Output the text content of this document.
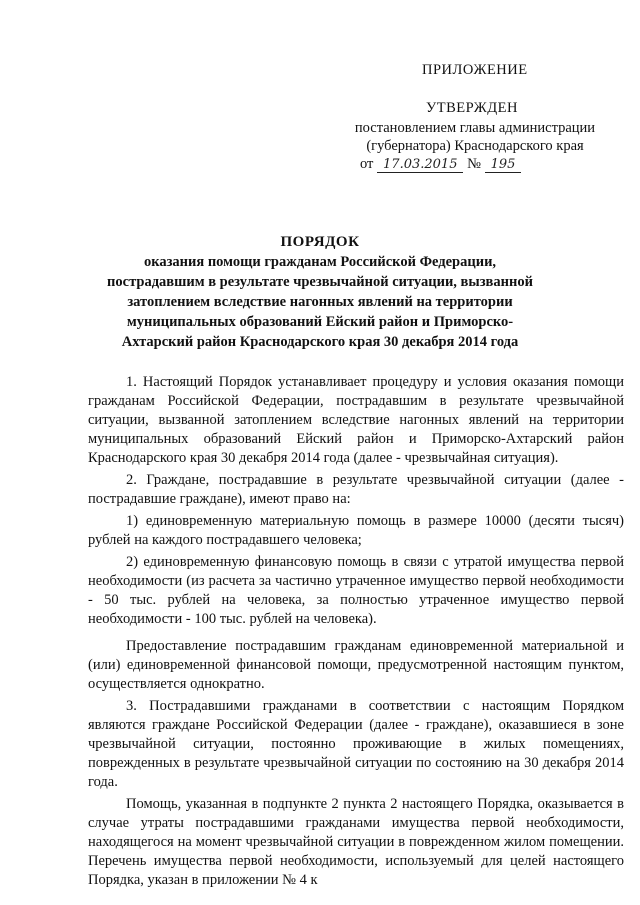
ПРИЛОЖЕНИЕ
УТВЕРЖДЕН
постановлением главы администрации
(губернатора) Краснодарского края
от 17.03.2015 № 195
ПОРЯДОК
оказания помощи гражданам Российской Федерации,
пострадавшим в результате чрезвычайной ситуации, вызванной
затоплением вследствие нагонных явлений на территории
муниципальных образований Ейский район и Приморско-
Ахтарский район Краснодарского края 30 декабря 2014 года

1. Настоящий Порядок устанавливает процедуру и условия оказания помощи гражданам Российской Федерации, пострадавшим в результате чрезвычайной ситуации, вызванной затоплением вследствие нагонных явлений на территории муниципальных образований Ейский район и Приморско-Ахтарский район Краснодарского края 30 декабря 2014 года (далее - чрезвычайная ситуация).

2. Граждане, пострадавшие в результате чрезвычайной ситуации (далее - пострадавшие граждане), имеют право на:

1) единовременную материальную помощь в размере 10000 (десяти тысяч) рублей на каждого пострадавшего человека;

2) единовременную финансовую помощь в связи с утратой имущества первой необходимости (из расчета за частично утраченное имущество первой необходимости - 50 тыс. рублей на человека, за полностью утраченное имущество первой необходимости - 100 тыс. рублей на человека).

Предоставление пострадавшим гражданам единовременной материальной и (или) единовременной финансовой помощи, предусмотренной настоящим пунктом, осуществляется однократно.

3. Пострадавшими гражданами в соответствии с настоящим Порядком являются граждане Российской Федерации (далее - граждане), оказавшиеся в зоне чрезвычайной ситуации, постоянно проживающие в жилых помещениях, поврежденных в результате чрезвычайной ситуации по состоянию на 30 декабря 2014 года.

Помощь, указанная в подпункте 2 пункта 2 настоящего Порядка, оказывается в случае утраты пострадавшими гражданами имущества первой необходимости, находящегося на момент чрезвычайной ситуации в поврежденном жилом помещении. Перечень имущества первой необходимости, используемый для целей настоящего Порядка, указан в приложении № 4 к
